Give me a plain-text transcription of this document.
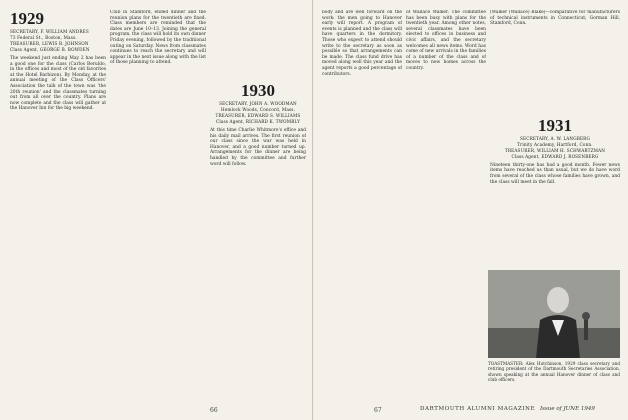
1929
SECRETARY, F. WILLIAM ANDRES
73 Federal St., Boston, Mass.
TREASURER, LEWIS B. JOHNSON
Class Agent, GEORGE B. BOWDEN
The weekend just ending May 2 has been a good one for the class (Carlos Beruldo, in the offices and most of the old favorites at the Hotel Barbizon). By Monday, at the annual meeting of the Class Officers' Association the talk of the town was 'the 20th reunion' and the classmates turning out from all over the country. Plans are now complete and the class will gather at the Hanover Inn for the big weekend.
Club in Stamford, ended dinner and the reunion plans for the twentieth are fixed. Class members are reminded that the dates are June 10–13. Joining the general program, the class will hold its own dinner Friday evening, followed by the traditional outing on Saturday. News from classmates continues to reach the secretary and will appear in the next issue along with the list of those planning to attend.
1930
SECRETARY, JOHN A. WOODMAN
Hemlock Woods, Concord, Mass.
TREASURER, EDWARD S. WILLIAMS
Class Agent, RICHARD K. TWOMBLY
At this time Charlie Whitmore's office and his daily mail arrives. The first reunion of our class since the war was held in Hanover, and a good number turned up. Arrangements for the dinner are being handled by the committee and further word will follow.
66
body and are well forward on the work: the men going to Hanover early will report. A program of events is planned and the class will have quarters in the dormitory. Those who expect to attend should write to the secretary as soon as possible so that arrangements can be made. The class fund drive has moved along well this year and the agent reports a good percentage of contributors.
of Wallace Walker. The committee has been busy with plans for the twentieth year. Among other notes, several classmates have been elected to offices in business and civic affairs, and the secretary welcomes all news items. Word has come of new arrivals in the families of a number of the class and of moves to new homes across the country.
(Walker (Wallace) Blake)—comparative for manufacturers of technical instruments in Connecticut; Gorman Hill, Stamford, Conn.
1931
SECRETARY, A. W. LANGBERG
Trinity Academy, Hartford, Conn.
TREASURER, WILLIAM H. SCHWARTZMAN
Class Agent, EDWARD J. ROSENBERG
Nineteen thirty-one has had a good month. Fewer news items have reached us than usual, but we do have word from several of the class whose families have grown, and the class will meet in the fall.
67
TOASTMASTER: Alex Hutchinson, 1929 class secretary and retiring president of the Dartmouth Secretaries Association, shown speaking at the annual Hanover dinner of class and club officers.
DARTMOUTH ALUMNI MAGAZINE Issue of JUNE 1949
